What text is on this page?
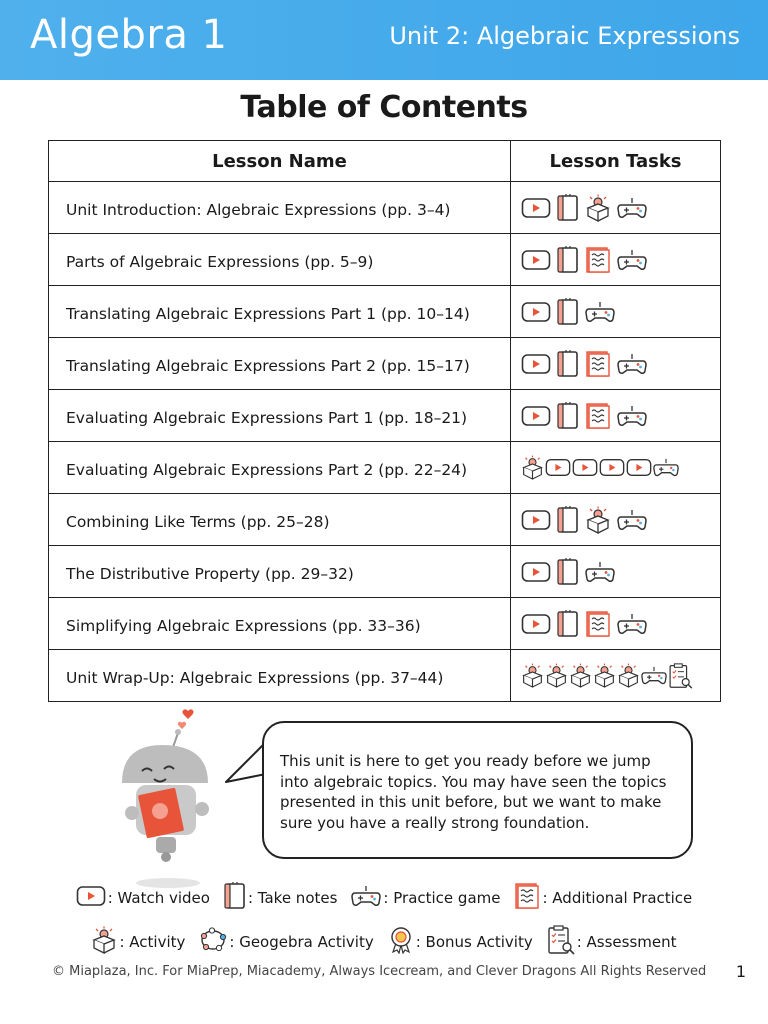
Algebra 1	Unit 2: Algebraic Expressions
Table of Contents
Lesson Name	Lesson Tasks
Unit Introduction: Algebraic Expressions (pp. 3–4)	

Parts of Algebraic Expressions (pp. 5–9)	

Translating Algebraic Expressions Part 1 (pp. 10–14)	

Translating Algebraic Expressions Part 2 (pp. 15–17)	

Evaluating Algebraic Expressions Part 1 (pp. 18–21)	

Evaluating Algebraic Expressions Part 2 (pp. 22–24)	

Combining Like Terms (pp. 25–28)	

The Distributive Property (pp. 29–32)	

Simplifying Algebraic Expressions (pp. 33–36)	

Unit Wrap-Up: Algebraic Expressions (pp. 37–44)	
This unit is here to get you ready before we jump into algebraic topics. You may have seen the topics presented in this unit before, but we want to make sure you have a really strong foundation.
: Watch video	: Take notes	: Practice game	: Additional Practice
: Activity	: Geogebra Activity	: Bonus Activity	: Assessment
© Miaplaza, Inc. For MiaPrep, Miacademy, Always Icecream, and Clever Dragons All Rights Reserved 1
